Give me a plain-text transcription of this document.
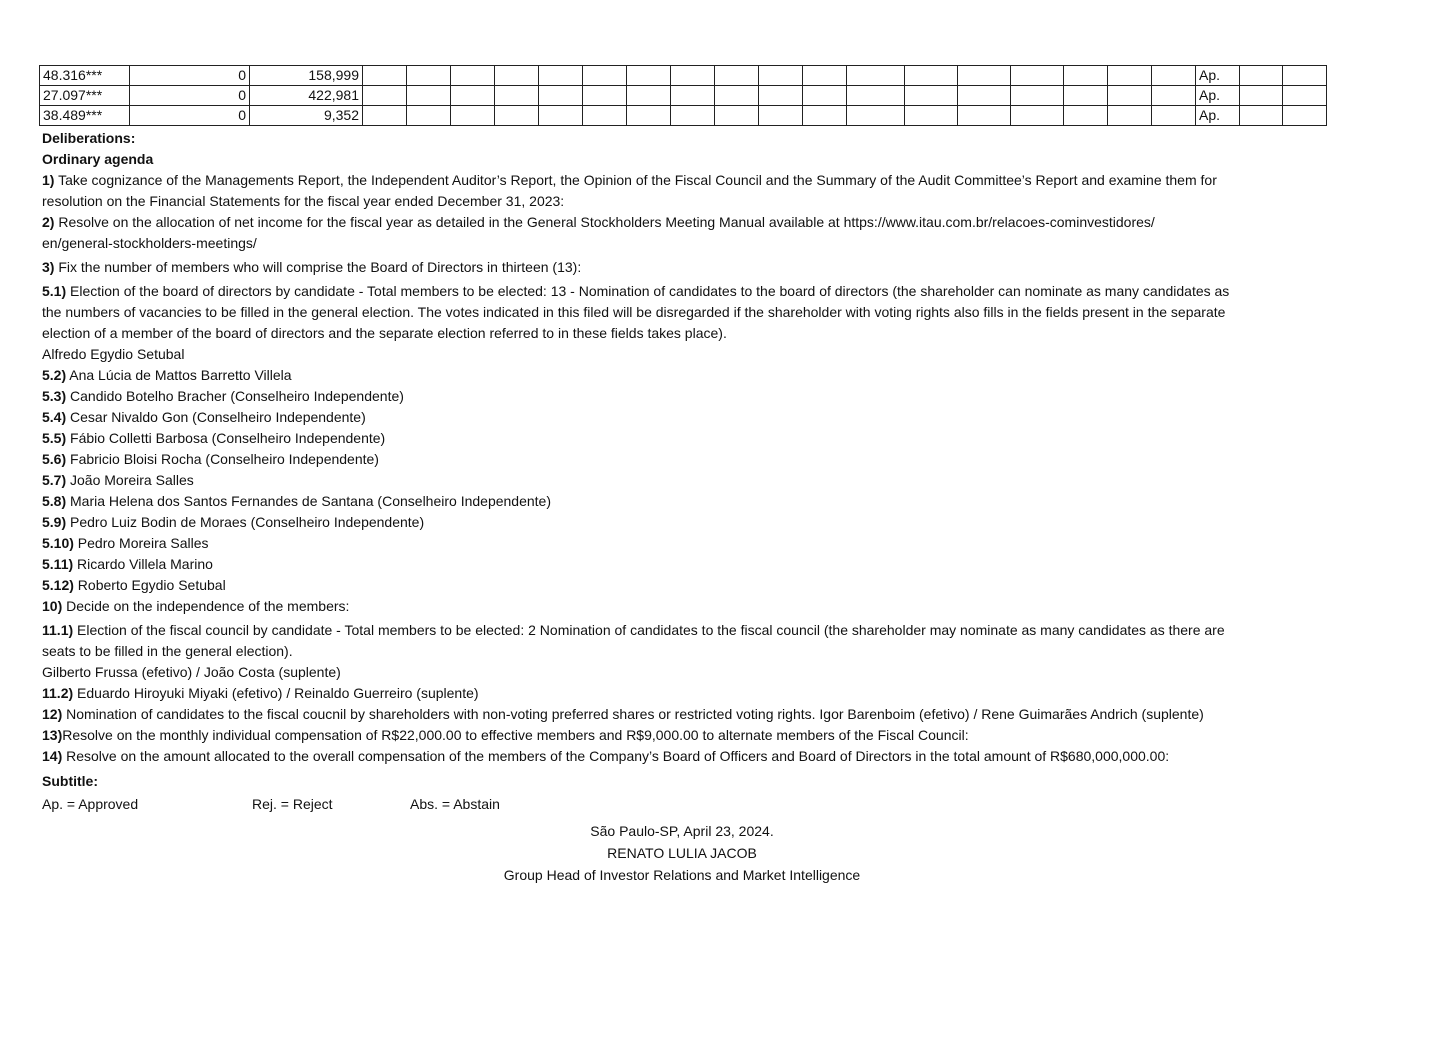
48.316***	0	158,999																			Ap.		
27.097***	0	422,981																			Ap.		
38.489***	0	9,352																			Ap.		
Deliberations:
Ordinary agenda
1) Take cognizance of the Managements Report, the Independent Auditor’s Report, the Opinion of the Fiscal Council and the Summary of the Audit Committee’s Report and examine them for
resolution on the Financial Statements for the fiscal year ended December 31, 2023:
2) Resolve on the allocation of net income for the fiscal year as detailed in the General Stockholders Meeting Manual available at https://www.itau.com.br/relacoes-cominvestidores/
en/general-stockholders-meetings/
3) Fix the number of members who will comprise the Board of Directors in thirteen (13):
5.1) Election of the board of directors by candidate - Total members to be elected: 13 - Nomination of candidates to the board of directors (the shareholder can nominate as many candidates as
the numbers of vacancies to be filled in the general election. The votes indicated in this filed will be disregarded if the shareholder with voting rights also fills in the fields present in the separate
election of a member of the board of directors and the separate election referred to in these fields takes place).
Alfredo Egydio Setubal
5.2) Ana Lúcia de Mattos Barretto Villela
5.3) Candido Botelho Bracher (Conselheiro Independente)
5.4) Cesar Nivaldo Gon (Conselheiro Independente)
5.5) Fábio Colletti Barbosa (Conselheiro Independente)
5.6) Fabricio Bloisi Rocha (Conselheiro Independente)
5.7) João Moreira Salles
5.8) Maria Helena dos Santos Fernandes de Santana (Conselheiro Independente)
5.9) Pedro Luiz Bodin de Moraes (Conselheiro Independente)
5.10) Pedro Moreira Salles
5.11) Ricardo Villela Marino
5.12) Roberto Egydio Setubal
10) Decide on the independence of the members:
11.1) Election of the fiscal council by candidate - Total members to be elected: 2 Nomination of candidates to the fiscal council (the shareholder may nominate as many candidates as there are
seats to be filled in the general election).
Gilberto Frussa (efetivo) / João Costa (suplente)
11.2) Eduardo Hiroyuki Miyaki (efetivo) / Reinaldo Guerreiro (suplente)
12) Nomination of candidates to the fiscal coucnil by shareholders with non-voting preferred shares or restricted voting rights. Igor Barenboim (efetivo) / Rene Guimarães Andrich (suplente)
13)Resolve on the monthly individual compensation of R$22,000.00 to effective members and R$9,000.00 to alternate members of the Fiscal Council:
14) Resolve on the amount allocated to the overall compensation of the members of the Company’s Board of Officers and Board of Directors in the total amount of R$680,000,000.00:
Subtitle:
Ap. = Approved	Rej. = Reject	Abs. = Abstain
São Paulo-SP, April 23, 2024.
RENATO LULIA JACOB
Group Head of Investor Relations and Market Intelligence
